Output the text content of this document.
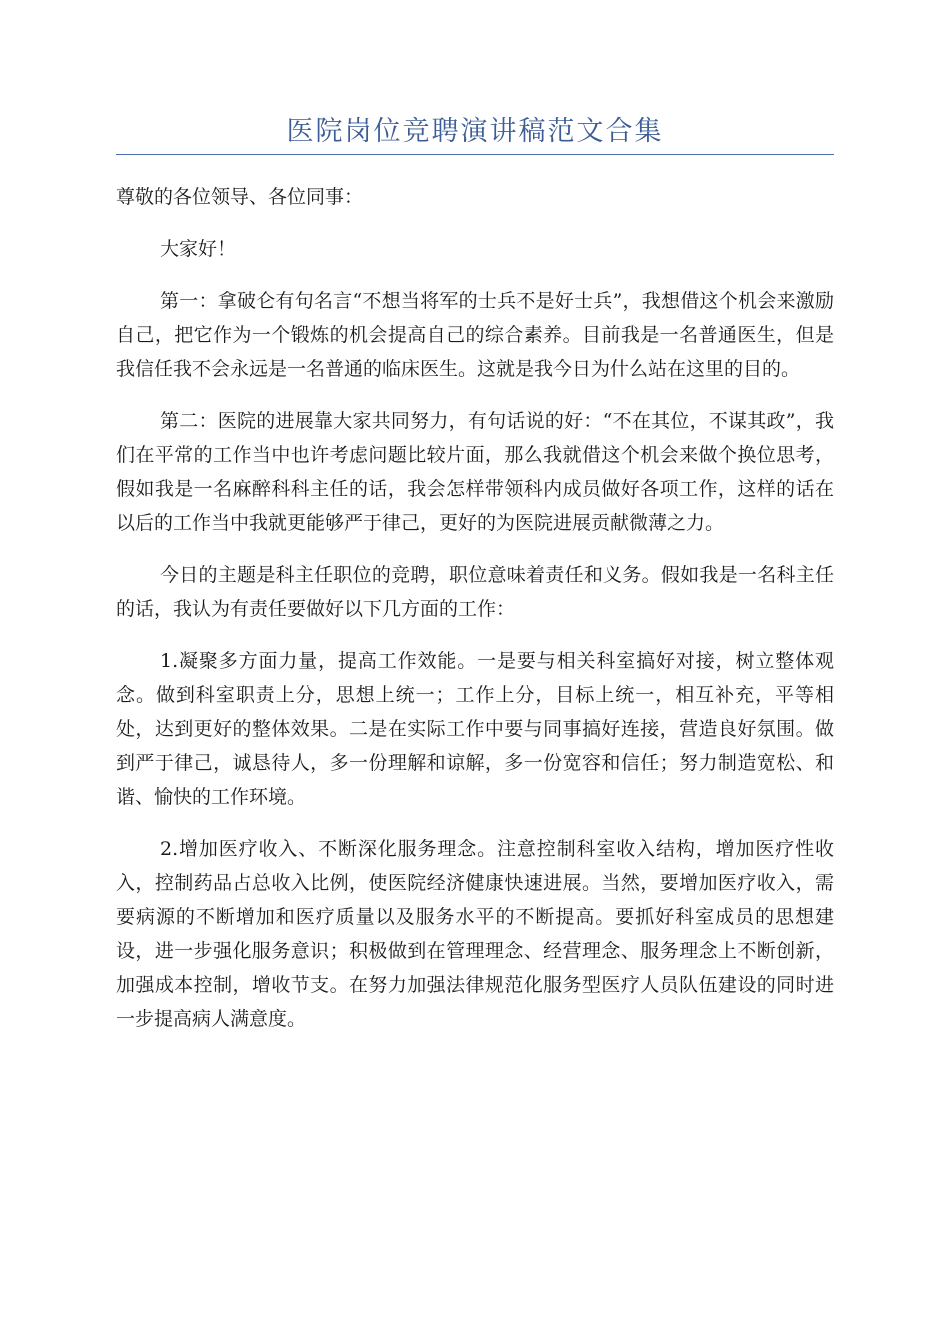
医院岗位竞聘演讲稿范文合集

尊敬的各位领导、各位同事：

大家好！

第一：拿破仑有句名言“不想当将军的士兵不是好士兵”，我想借这个机会来激励自己，把它作为一个锻炼的机会提高自己的综合素养。目前我是一名普通医生，但是我信任我不会永远是一名普通的临床医生。这就是我今日为什么站在这里的目的。

第二：医院的进展靠大家共同努力，有句话说的好：“不在其位，不谋其政”，我们在平常的工作当中也许考虑问题比较片面，那么我就借这个机会来做个换位思考，假如我是一名麻醉科科主任的话，我会怎样带领科内成员做好各项工作，这样的话在以后的工作当中我就更能够严于律己，更好的为医院进展贡献微薄之力。

今日的主题是科主任职位的竞聘，职位意味着责任和义务。假如我是一名科主任的话，我认为有责任要做好以下几方面的工作：

1.凝聚多方面力量，提高工作效能。一是要与相关科室搞好对接，树立整体观念。做到科室职责上分，思想上统一；工作上分，目标上统一，相互补充，平等相处，达到更好的整体效果。二是在实际工作中要与同事搞好连接，营造良好氛围。做到严于律己，诚恳待人，多一份理解和谅解，多一份宽容和信任；努力制造宽松、和谐、愉快的工作环境。

2.增加医疗收入、不断深化服务理念。注意控制科室收入结构，增加医疗性收入，控制药品占总收入比例，使医院经济健康快速进展。当然，要增加医疗收入，需要病源的不断增加和医疗质量以及服务水平的不断提高。要抓好科室成员的思想建设，进一步强化服务意识；积极做到在管理理念、经营理念、服务理念上不断创新，加强成本控制，增收节支。在努力加强法律规范化服务型医疗人员队伍建设的同时进一步提高病人满意度。
